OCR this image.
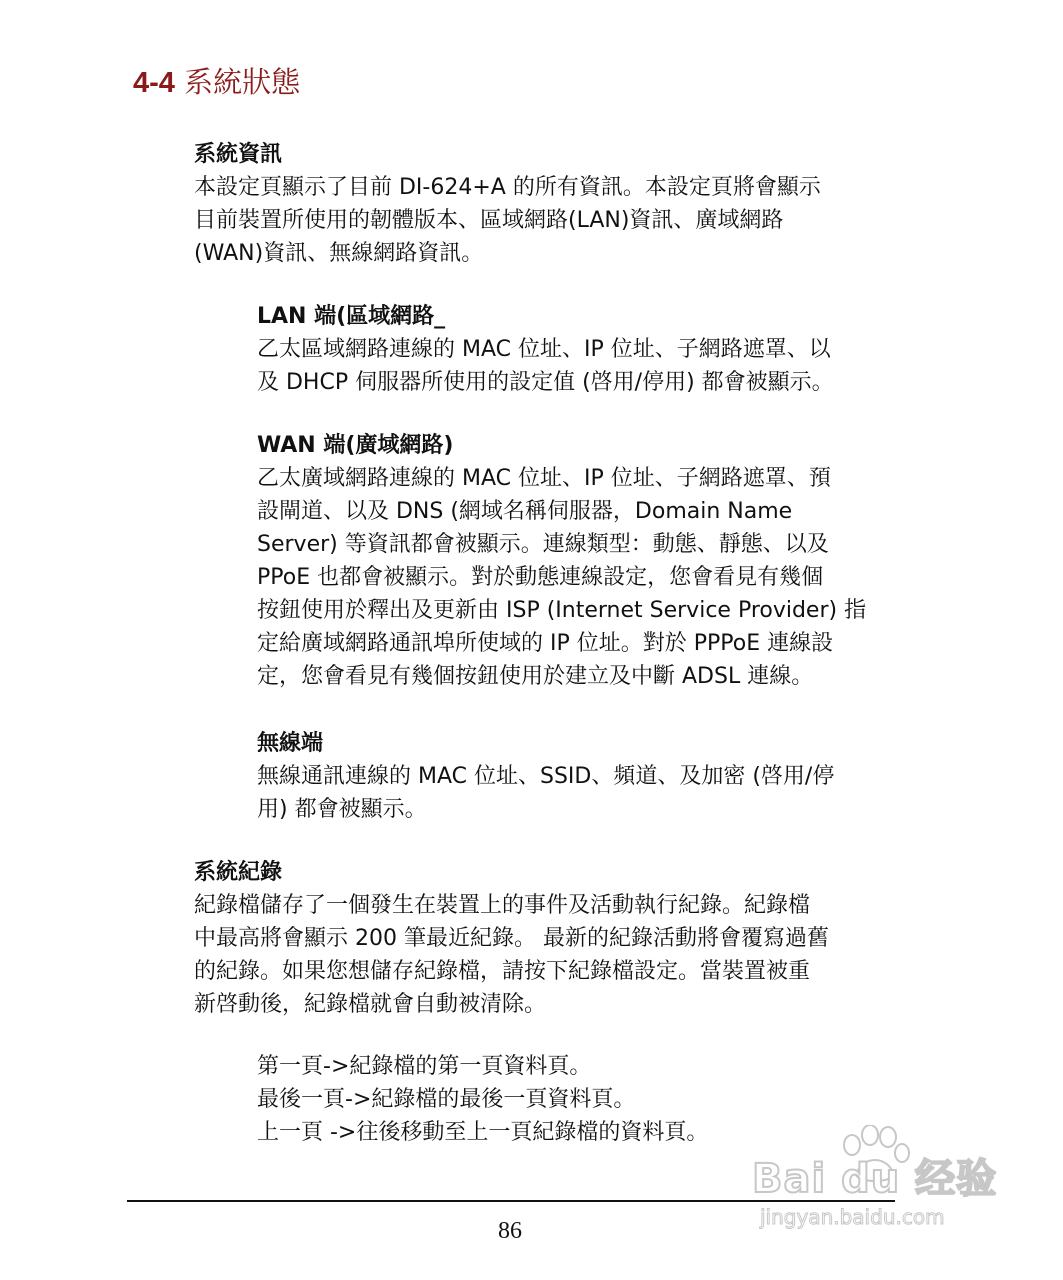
4-4 系統狀態
系統資訊
本設定頁顯示了目前 DI-624+A 的所有資訊。本設定頁將會顯示
目前裝置所使用的韌體版本、區域網路(LAN)資訊、廣域網路
(WAN)資訊、無線網路資訊。
LAN 端(區域網路_
乙太區域網路連線的 MAC 位址、IP 位址、子網路遮罩、以
及 DHCP 伺服器所使用的設定值 (啓用/停用) 都會被顯示。
WAN 端(廣域網路)
乙太廣域網路連線的 MAC 位址、IP 位址、子網路遮罩、預
設閘道、以及 DNS (網域名稱伺服器，Domain Name
Server) 等資訊都會被顯示。連線類型：動態、靜態、以及
PPoE 也都會被顯示。對於動態連線設定，您會看見有幾個
按鈕使用於釋出及更新由 ISP (Internet Service Provider) 指
定給廣域網路通訊埠所使域的 IP 位址。對於 PPPoE 連線設
定，您會看見有幾個按鈕使用於建立及中斷 ADSL 連線。
無線端
無線通訊連線的 MAC 位址、SSID、頻道、及加密 (啓用/停
用) 都會被顯示。
系統紀錄
紀錄檔儲存了一個發生在裝置上的事件及活動執行紀錄。紀錄檔
中最高將會顯示 200 筆最近紀錄。 最新的紀錄活動將會覆寫過舊
的紀錄。如果您想儲存紀錄檔，請按下紀錄檔設定。當裝置被重
新啓動後，紀錄檔就會自動被清除。
第一頁->紀錄檔的第一頁資料頁。
最後一頁->紀錄檔的最後一頁資料頁。
上一頁 ->往後移動至上一頁紀錄檔的資料頁。
86
Bai du 经验
jingyan.baidu.com
